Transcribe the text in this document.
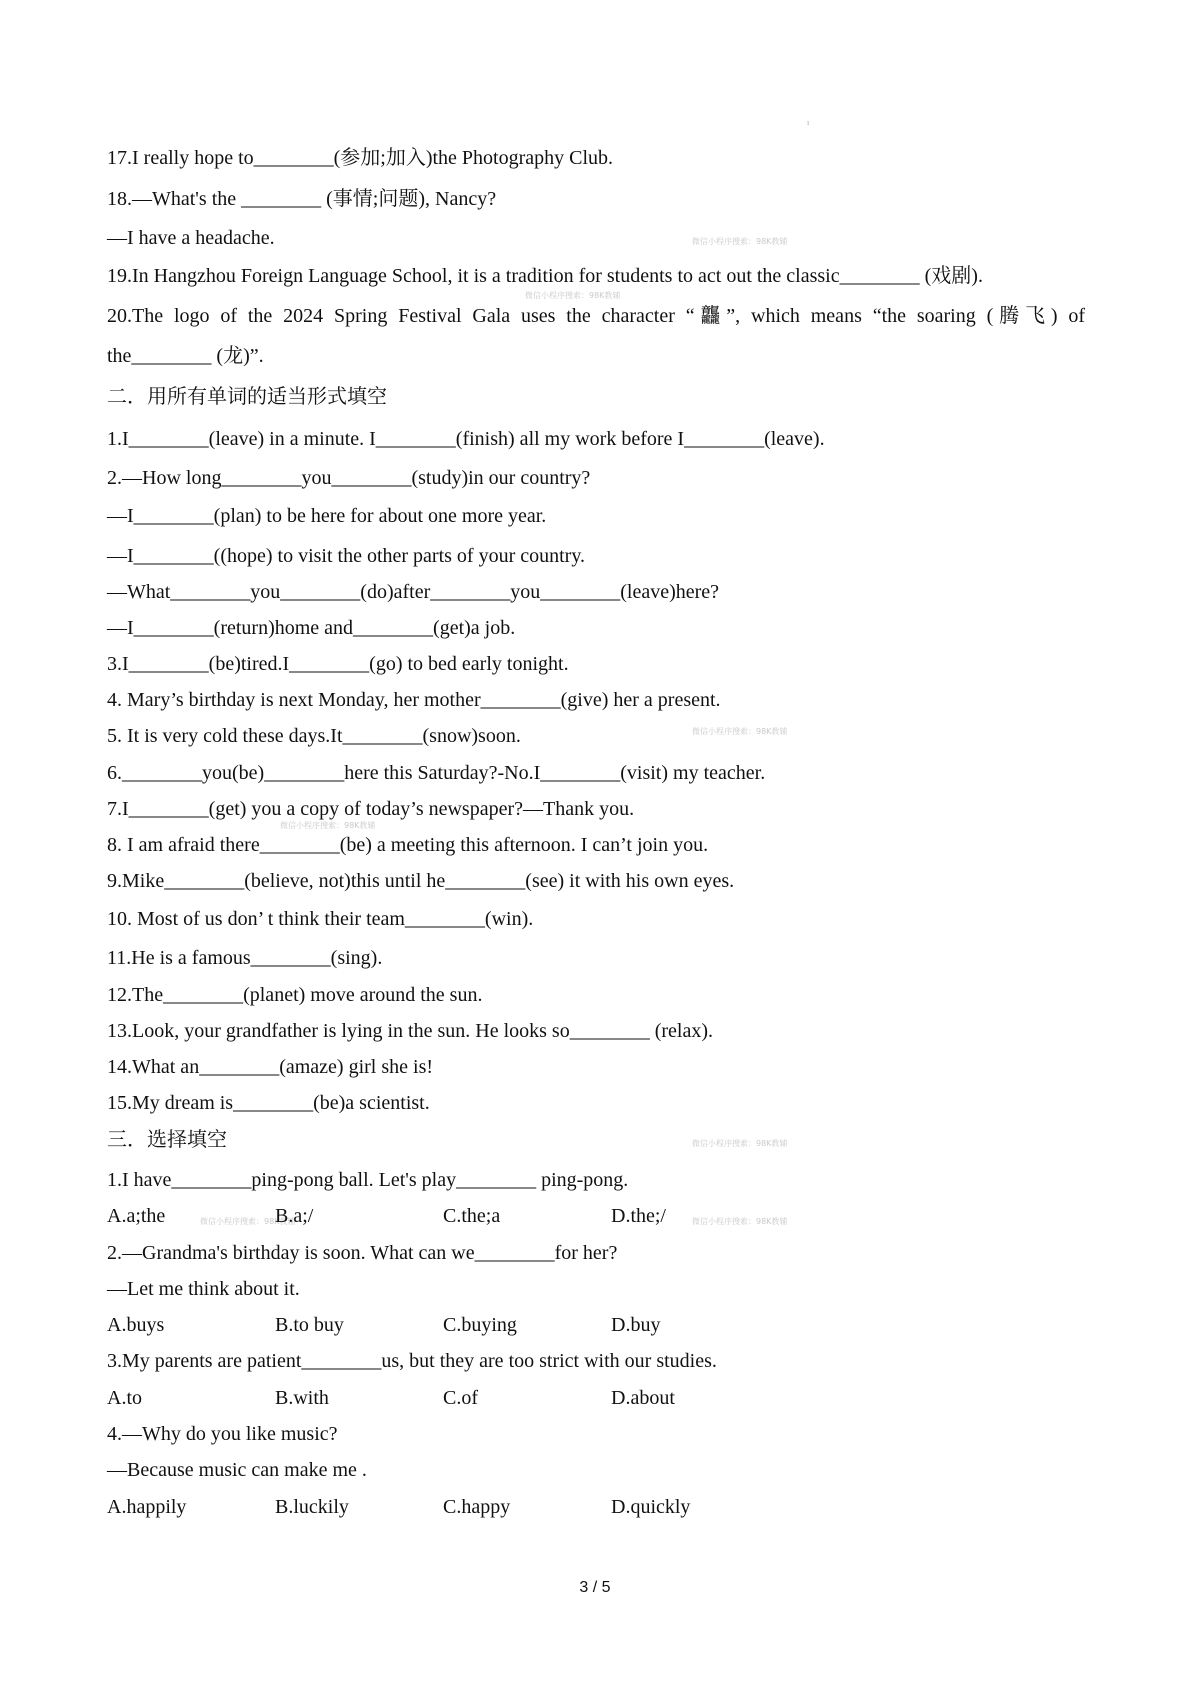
ı
微信小程序搜索：98K教辅
微信小程序搜索：98K教辅
微信小程序搜索：98K教辅
微信小程序搜索：98K教辅
微信小程序搜索：98K教辅
微信小程序搜索：98K教辅	微信小程序搜索：98K教辅
17.I really hope to________(参加;加入)the Photography Club.
18.—What's the ________ (事情;问题), Nancy?
—I have a headache.
19.In Hangzhou Foreign Language School, it is a tradition for students to act out the classic________ (戏剧).
20.The logo of the 2024 Spring Festival Gala uses the character “龘”, which means “the soaring (腾飞) of
the________ (龙)”.
二．用所有单词的适当形式填空
1.I________(leave) in a minute. I________(finish) all my work before I________(leave).
2.—How long________you________(study)in our country?
—I________(plan) to be here for about one more year.
—I________((hope) to visit the other parts of your country.
—What________you________(do)after________you________(leave)here?
—I________(return)home and________(get)a job.
3.I________(be)tired.I________(go) to bed early tonight.
4. Mary’s birthday is next Monday, her mother________(give) her a present.
5. It is very cold these days.It________(snow)soon.
6.________you(be)________here this Saturday?-No.I________(visit) my teacher.
7.I________(get) you a copy of today’s newspaper?—Thank you.
8. I am afraid there________(be) a meeting this afternoon. I can’t join you.
9.Mike________(believe, not)this until he________(see) it with his own eyes.
10. Most of us don’ t think their team________(win).
11.He is a famous________(sing).
12.The________(planet) move around the sun.
13.Look, your grandfather is lying in the sun. He looks so________ (relax).
14.What an________(amaze) girl she is!
15.My dream is________(be)a scientist.
三．选择填空
1.I have________ping-pong ball. Let's play________ ping-pong.
A.a;the	B.a;/	C.the;a	D.the;/
2.—Grandma's birthday is soon. What can we________for her?
—Let me think about it.
A.buys	B.to buy	C.buying	D.buy
3.My parents are patient________us, but they are too strict with our studies.
A.to	B.with	C.of	D.about
4.—Why do you like music?
—Because music can make me .
A.happily	B.luckily	C.happy	D.quickly
3 / 5
